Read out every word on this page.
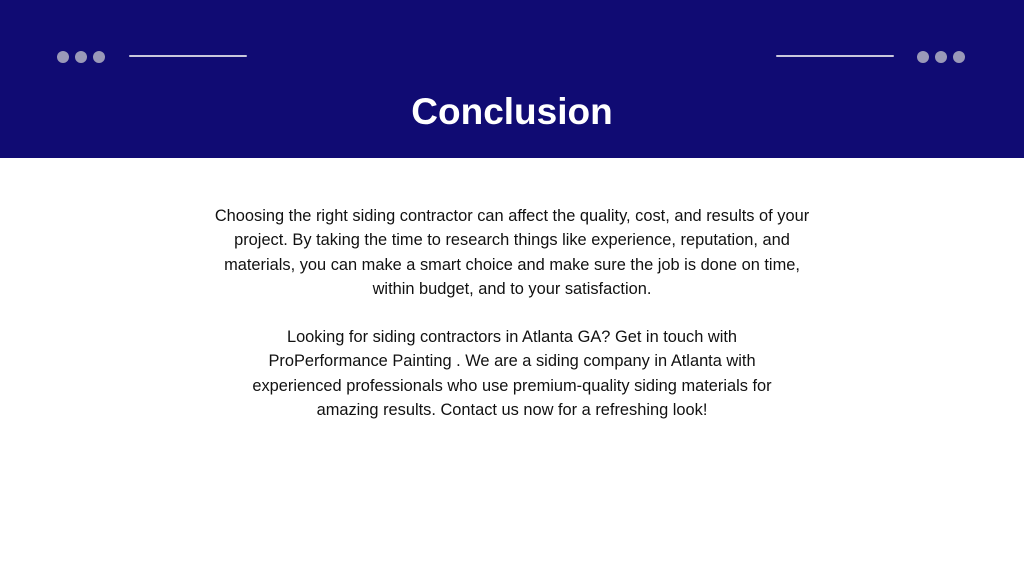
Conclusion

Choosing the right siding contractor can affect the quality, cost, and results of your project. By taking the time to research things like experience, reputation, and materials, you can make a smart choice and make sure the job is done on time, within budget, and to your satisfaction.

Looking for siding contractors in Atlanta GA? Get in touch with ProPerformance Painting . We are a siding company in Atlanta with experienced professionals who use premium-quality siding materials for amazing results. Contact us now for a refreshing look!
